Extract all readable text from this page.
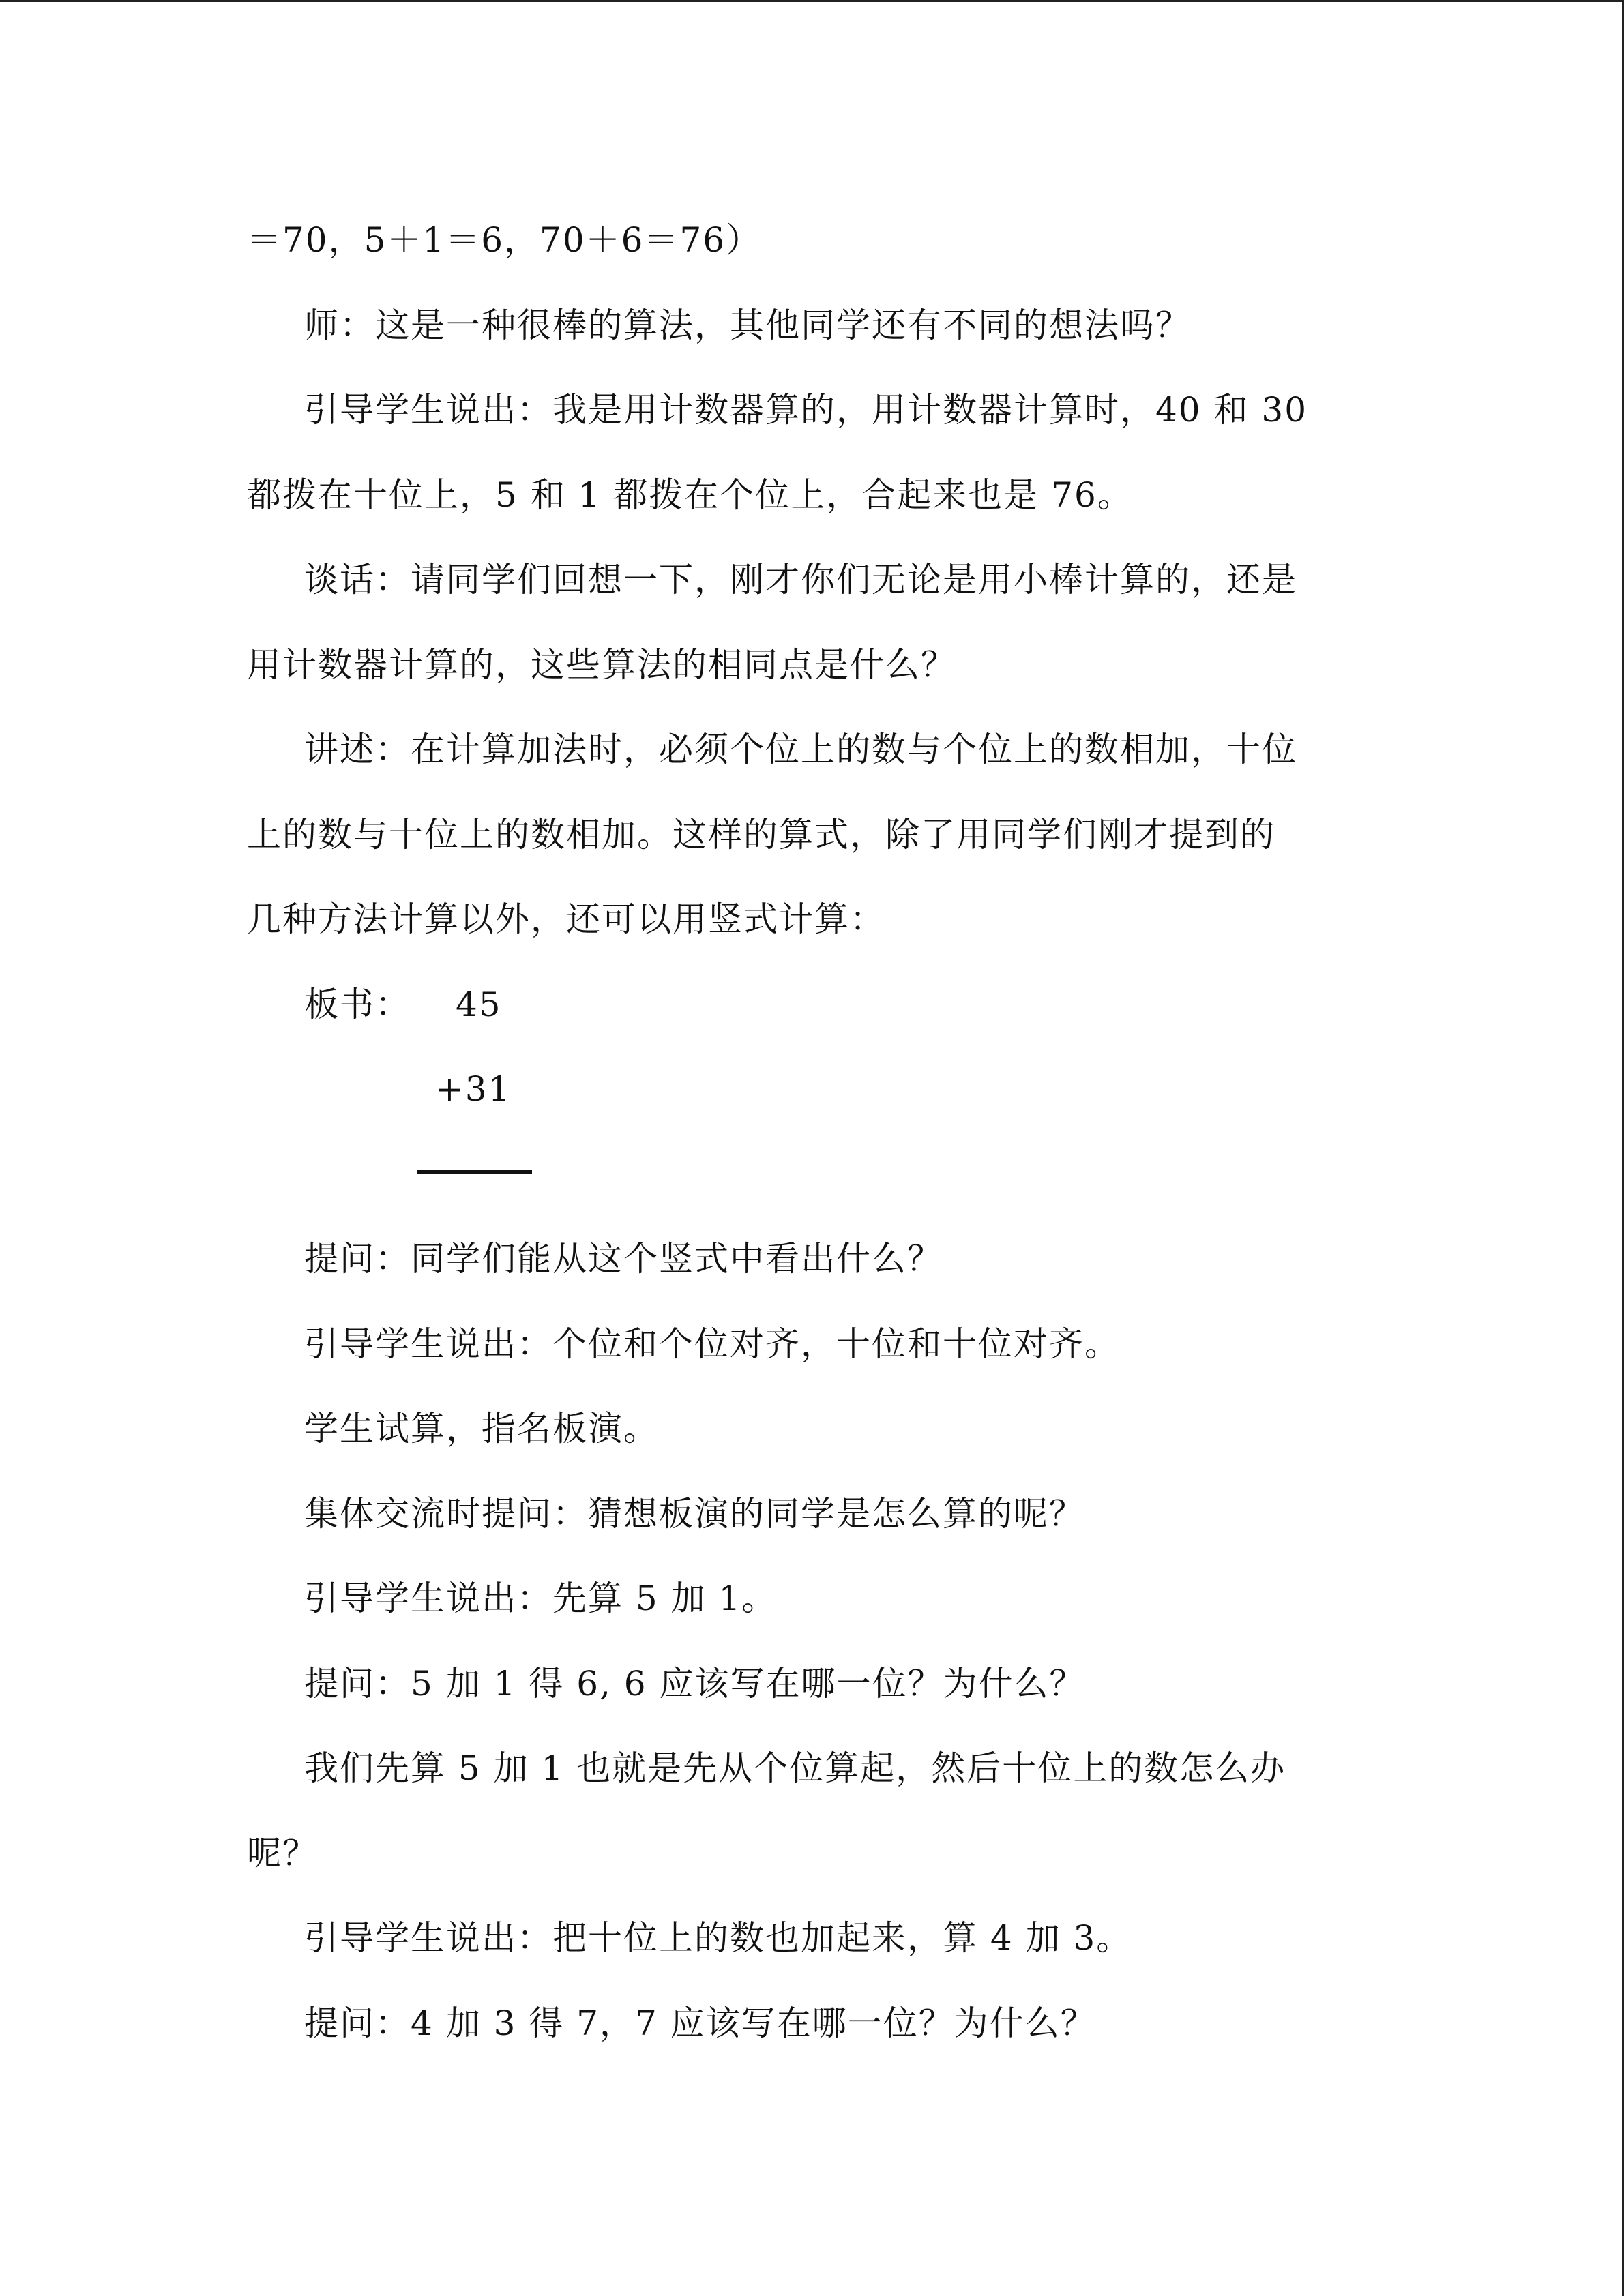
＝70，5＋1＝6，70＋6＝76）
师：这是一种很棒的算法，其他同学还有不同的想法吗？
引导学生说出：我是用计数器算的，用计数器计算时，40 和 30
都拨在十位上，5 和 1 都拨在个位上，合起来也是 76。
谈话：请同学们回想一下，刚才你们无论是用小棒计算的，还是
用计数器计算的，这些算法的相同点是什么？
讲述：在计算加法时，必须个位上的数与个位上的数相加，十位
上的数与十位上的数相加。这样的算式，除了用同学们刚才提到的
几种方法计算以外，还可以用竖式计算：
板书： 45
+31
提问：同学们能从这个竖式中看出什么？
引导学生说出：个位和个位对齐，十位和十位对齐。
学生试算，指名板演。
集体交流时提问：猜想板演的同学是怎么算的呢？
引导学生说出：先算 5 加 1。
提问：5 加 1 得 6, 6 应该写在哪一位？为什么？
我们先算 5 加 1 也就是先从个位算起，然后十位上的数怎么办
呢？
引导学生说出：把十位上的数也加起来，算 4 加 3。
提问：4 加 3 得 7，7 应该写在哪一位？为什么？
